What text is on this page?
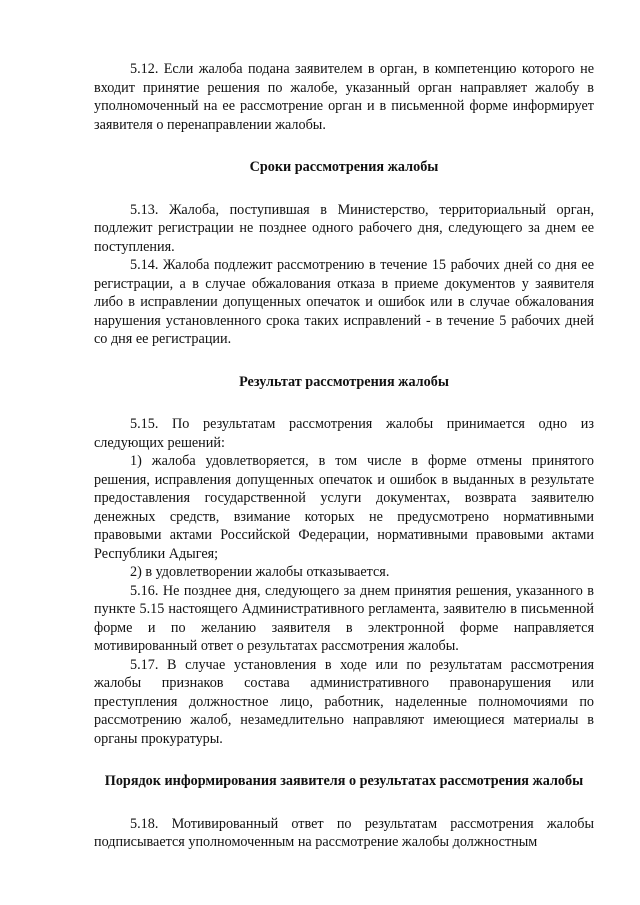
5.12. Если жалоба подана заявителем в орган, в компетенцию которого не входит принятие решения по жалобе, указанный орган направляет жалобу в уполномоченный на ее рассмотрение орган и в письменной форме информирует заявителя о перенаправлении жалобы.

Сроки рассмотрения жалобы

5.13. Жалоба, поступившая в Министерство, территориальный орган, подлежит регистрации не позднее одного рабочего дня, следующего за днем ее поступления.

5.14. Жалоба подлежит рассмотрению в течение 15 рабочих дней со дня ее регистрации, а в случае обжалования отказа в приеме документов у заявителя либо в исправлении допущенных опечаток и ошибок или в случае обжалования нарушения установленного срока таких исправлений - в течение 5 рабочих дней со дня ее регистрации.

Результат рассмотрения жалобы

5.15. По результатам рассмотрения жалобы принимается одно из следующих решений:

1) жалоба удовлетворяется, в том числе в форме отмены принятого решения, исправления допущенных опечаток и ошибок в выданных в результате предоставления государственной услуги документах, возврата заявителю денежных средств, взимание которых не предусмотрено нормативными правовыми актами Российской Федерации, нормативными правовыми актами Республики Адыгея;

2) в удовлетворении жалобы отказывается.

5.16. Не позднее дня, следующего за днем принятия решения, указанного в пункте 5.15 настоящего Административного регламента, заявителю в письменной форме и по желанию заявителя в электронной форме направляется мотивированный ответ о результатах рассмотрения жалобы.

5.17. В случае установления в ходе или по результатам рассмотрения жалобы признаков состава административного правонарушения или преступления должностное лицо, работник, наделенные полномочиями по рассмотрению жалоб, незамедлительно направляют имеющиеся материалы в органы прокуратуры.

Порядок информирования заявителя о результатах рассмотрения жалобы

5.18. Мотивированный ответ по результатам рассмотрения жалобы подписывается уполномоченным на рассмотрение жалобы должностным
